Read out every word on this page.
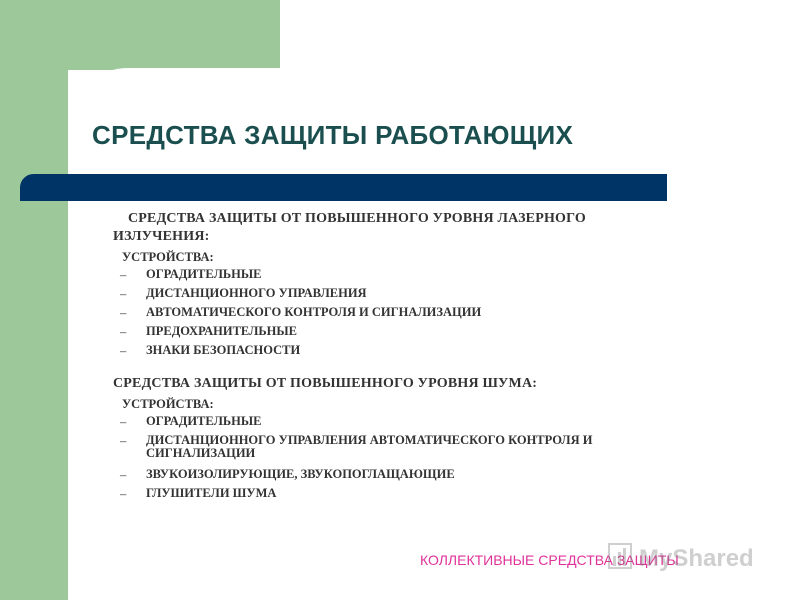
СРЕДСТВА ЗАЩИТЫ РАБОТАЮЩИХ
СРЕДСТВА ЗАЩИТЫ ОТ ПОВЫШЕННОГО УРОВНЯ ЛАЗЕРНОГО
ИЗЛУЧЕНИЯ:
УСТРОЙСТВА:
–	ОГРАДИТЕЛЬНЫЕ
–	ДИСТАНЦИОННОГО УПРАВЛЕНИЯ
–	АВТОМАТИЧЕСКОГО КОНТРОЛЯ И СИГНАЛИЗАЦИИ
–	ПРЕДОХРАНИТЕЛЬНЫЕ
–	ЗНАКИ БЕЗОПАСНОСТИ
СРЕДСТВА ЗАЩИТЫ ОТ ПОВЫШЕННОГО УРОВНЯ ШУМА:
УСТРОЙСТВА:
–	ОГРАДИТЕЛЬНЫЕ
–	ДИСТАНЦИОННОГО УПРАВЛЕНИЯ АВТОМАТИЧЕСКОГО КОНТРОЛЯ И
СИГНАЛИЗАЦИИ
–	ЗВУКОИЗОЛИРУЮЩИЕ, ЗВУКОПОГЛАЩАЮЩИЕ
–	ГЛУШИТЕЛИ ШУМА
КОЛЛЕКТИВНЫЕ СРЕДСТВА ЗАЩИТЫ
MyShared
